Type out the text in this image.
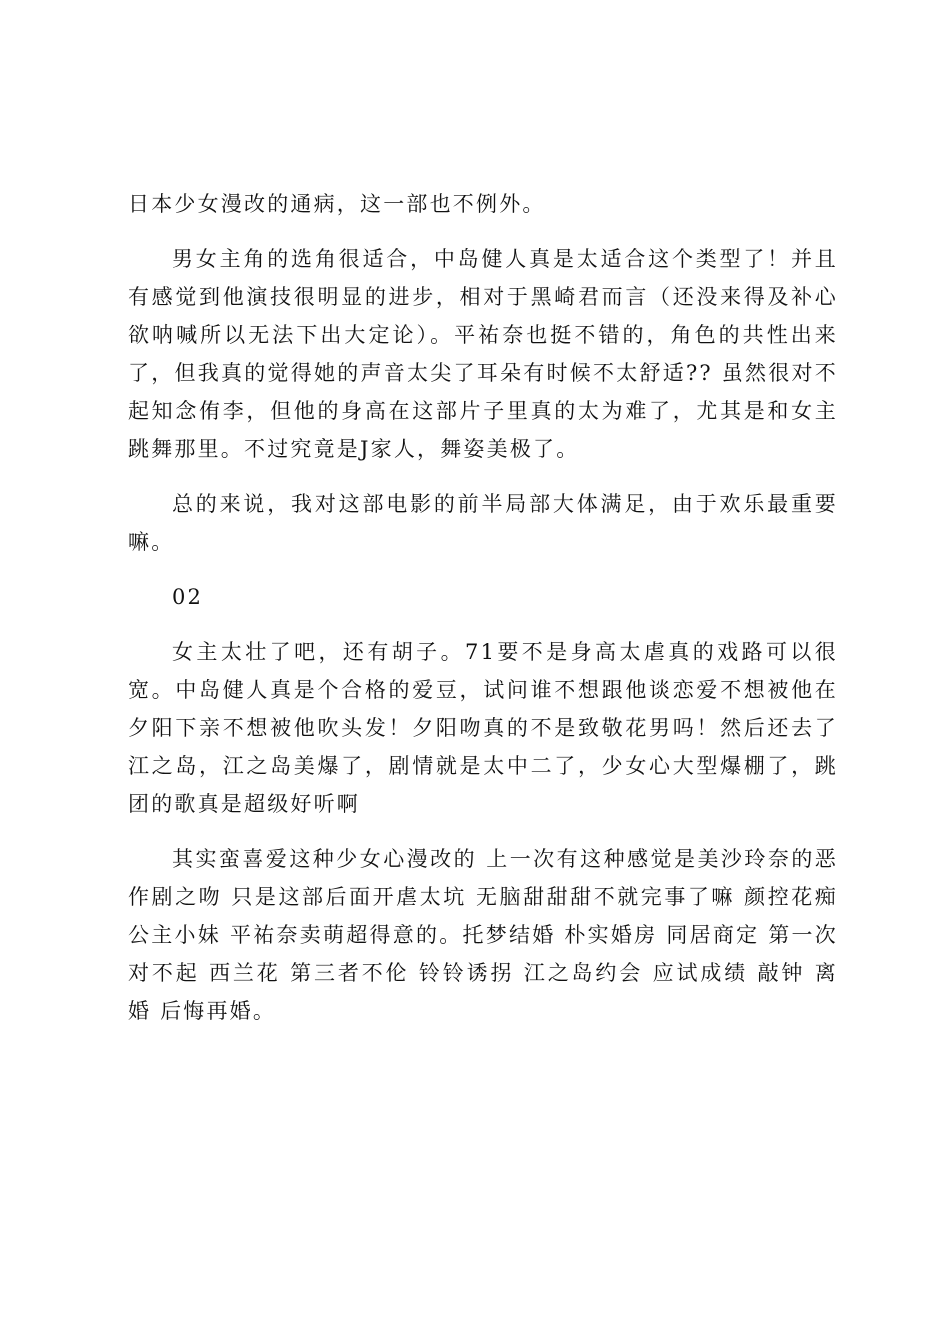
日本少女漫改的通病，这一部也不例外。

男女主角的选角很适合，中岛健人真是太适合这个类型了！并且有感觉到他演技很明显的进步，相对于黑崎君而言（还没来得及补心欲呐喊所以无法下出大定论）。平祐奈也挺不错的，角色的共性出来了，但我真的觉得她的声音太尖了耳朵有时候不太舒适?? 虽然很对不起知念侑李，但他的身高在这部片子里真的太为难了，尤其是和女主跳舞那里。不过究竟是J家人，舞姿美极了。

总的来说，我对这部电影的前半局部大体满足，由于欢乐最重要嘛。

02

女主太壮了吧，还有胡子。71要不是身高太虐真的戏路可以很宽。中岛健人真是个合格的爱豆，试问谁不想跟他谈恋爱不想被他在夕阳下亲不想被他吹头发！夕阳吻真的不是致敬花男吗！然后还去了江之岛，江之岛美爆了，剧情就是太中二了，少女心大型爆棚了，跳团的歌真是超级好听啊

其实蛮喜爱这种少女心漫改的 上一次有这种感觉是美沙玲奈的恶作剧之吻 只是这部后面开虐太坑 无脑甜甜甜不就完事了嘛 颜控花痴公主小妹 平祐奈卖萌超得意的。托梦结婚 朴实婚房 同居商定 第一次对不起 西兰花 第三者不伦 铃铃诱拐 江之岛约会 应试成绩 敲钟 离婚 后悔再婚。
